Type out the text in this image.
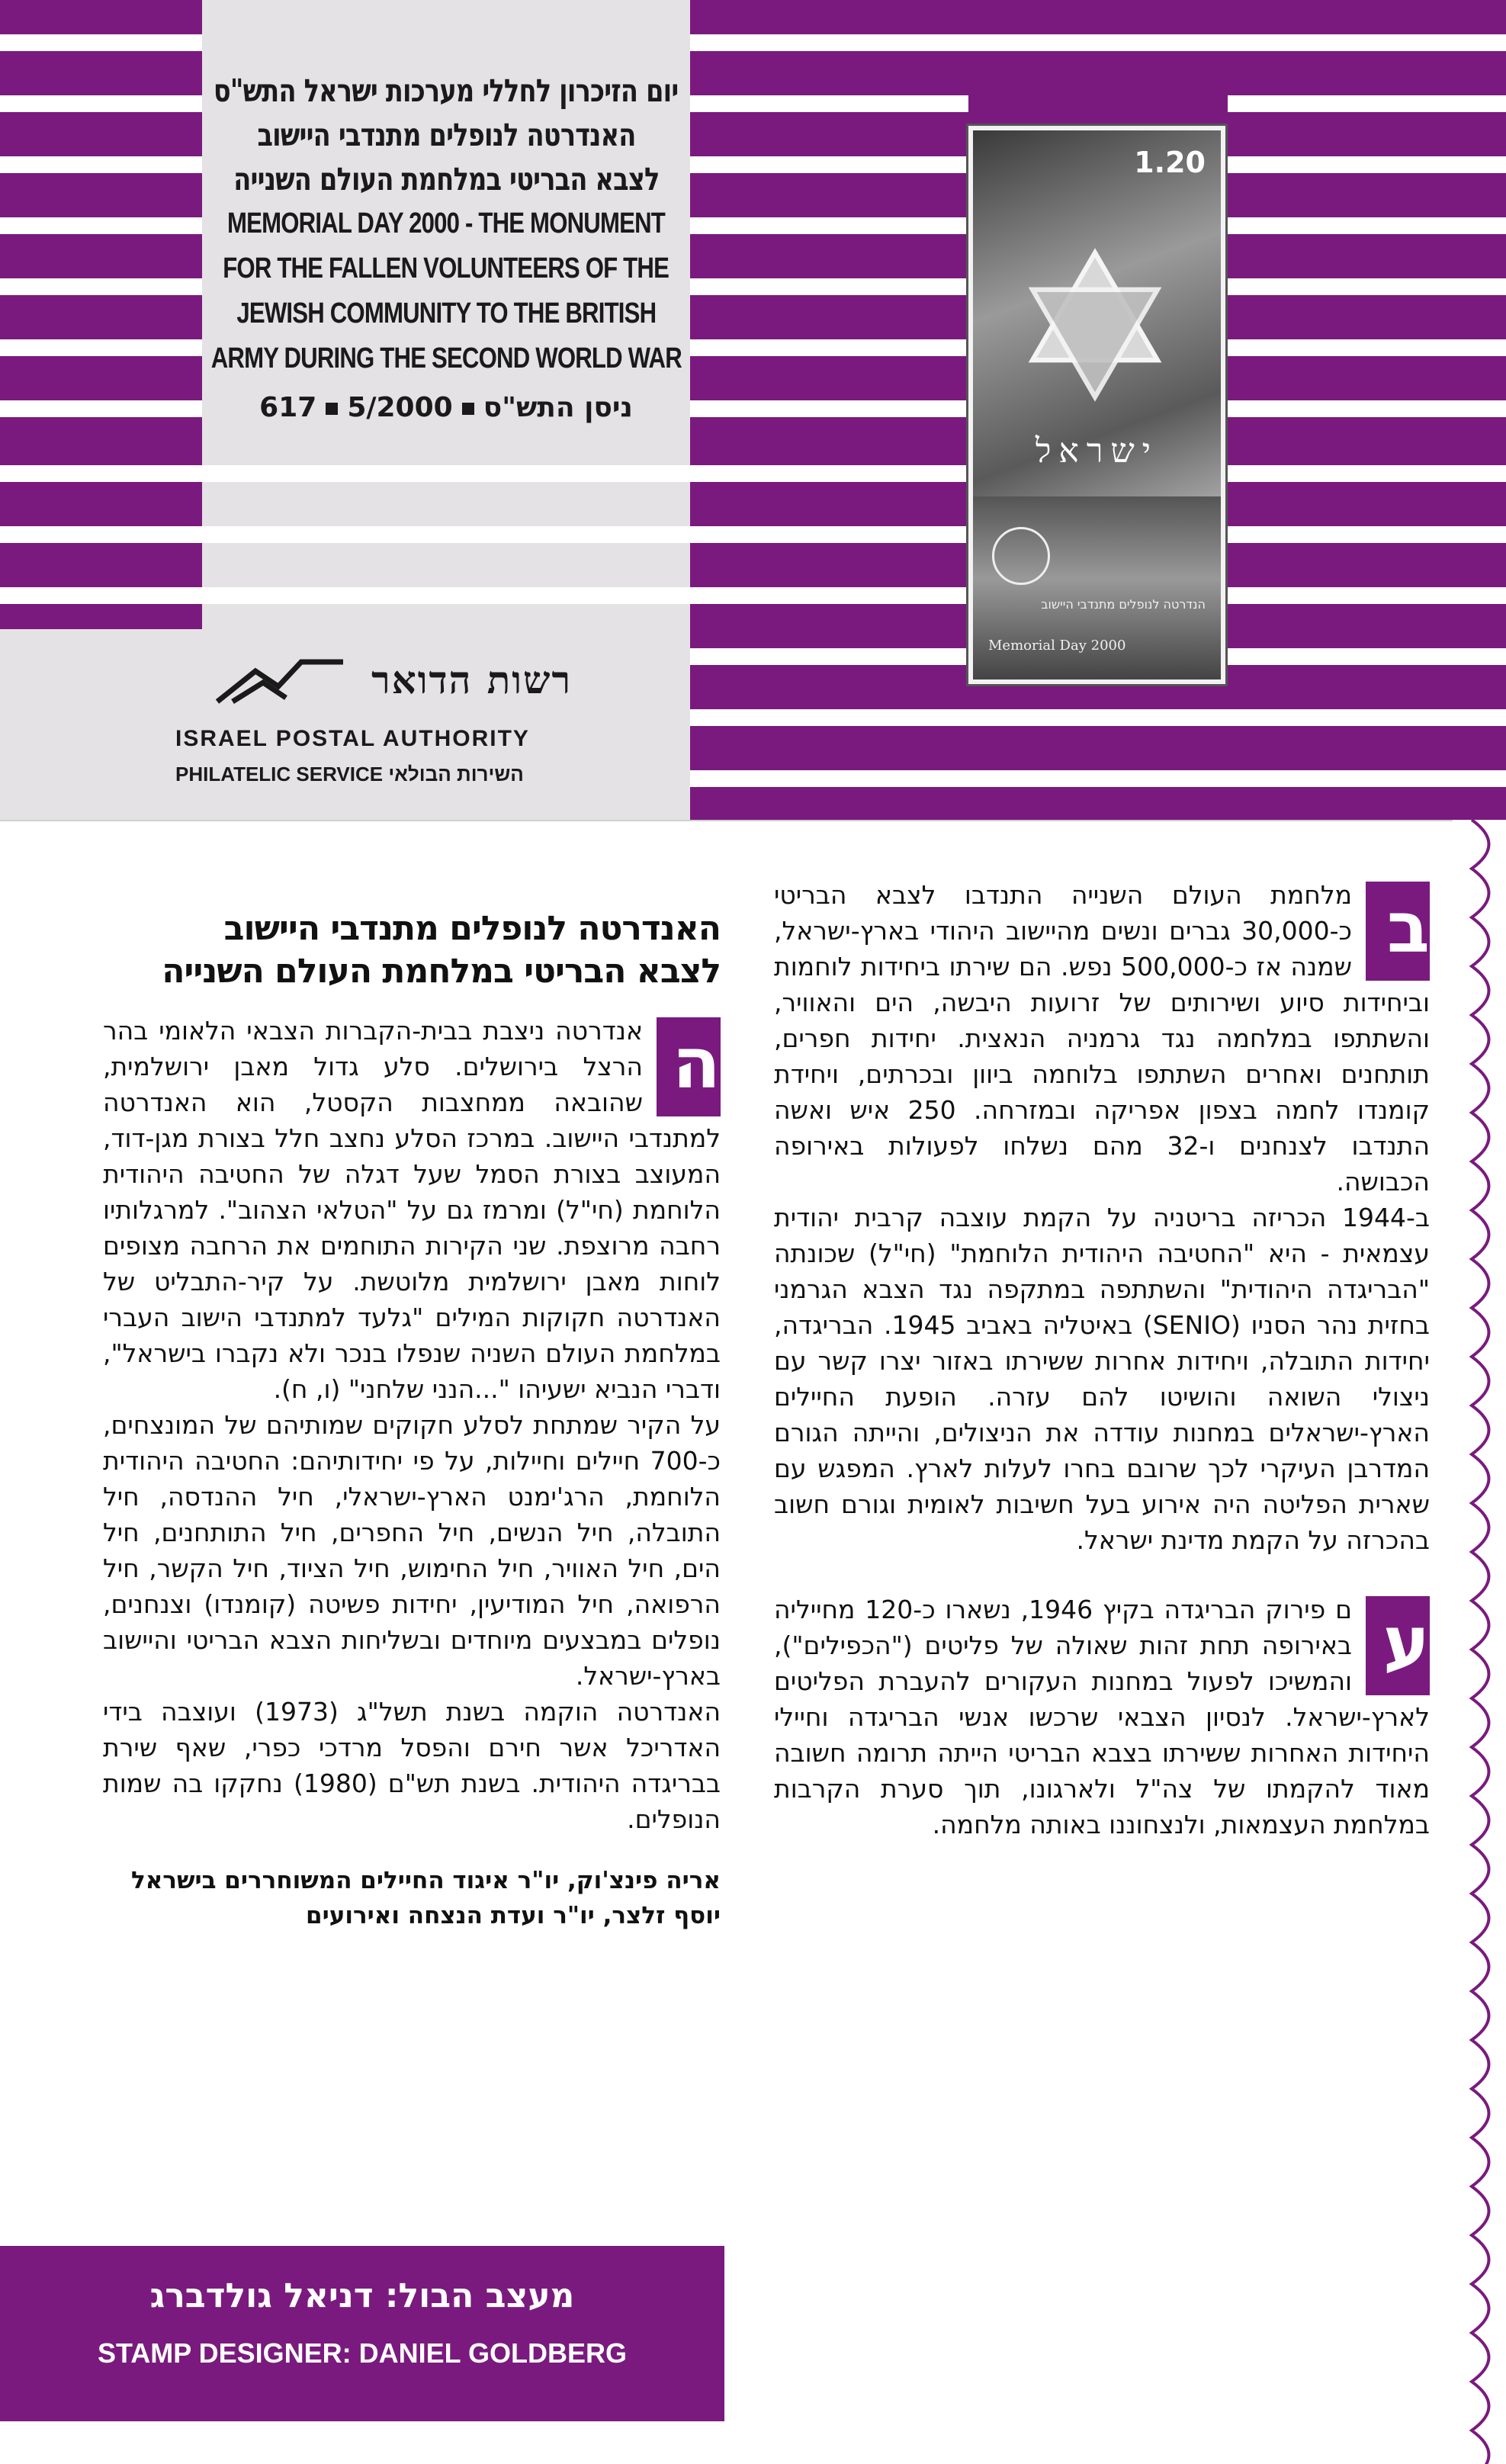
יום הזיכרון לחללי מערכות ישראל התש"ס
האנדרטה לנופלים מתנדבי היישוב
לצבא הבריטי במלחמת העולם השנייה
MEMORIAL DAY 2000 - THE MONUMENT
FOR THE FALLEN VOLUNTEERS OF THE
JEWISH COMMUNITY TO THE BRITISH
ARMY DURING THE SECOND WORLD WAR
ניסן התש"ס5/2000617
1.20
ישראל
הנדרטה לנופלים מתנדבי היישוב
Memorial Day 2000
רשות הדואר
ISRAEL POSTAL AUTHORITY
PHILATELIC SERVICE השירות הבולאי
האנדרטה לנופלים מתנדבי היישוב
לצבא הבריטי במלחמת העולם השנייה
ה
אנדרטה ניצבת בבית-הקברות הצבאי הלאומי בהר הרצל בירושלים. סלע גדול מאבן ירושלמית, שהובאה ממחצבות הקסטל, הוא האנדרטה למתנדבי היישוב. במרכז הסלע נחצב חלל בצורת מגן-דוד, המעוצב בצורת הסמל שעל דגלה של החטיבה היהודית הלוחמת (חי"ל) ומרמז גם על "הטלאי הצהוב". למרגלותיו רחבה מרוצפת. שני הקירות התוחמים את הרחבה מצופים לוחות מאבן ירושלמית מלוטשת. על קיר-התבליט של האנדרטה חקוקות המילים "גלעד למתנדבי הישוב העברי במלחמת העולם השניה שנפלו בנכר ולא נקברו בישראל", ודברי הנביא ישעיהו "...הנני שלחני" (ו, ח).
על הקיר שמתחת לסלע חקוקים שמותיהם של המונצחים, כ-700 חיילים וחיילות, על פי יחידותיהם: החטיבה היהודית הלוחמת, הרג'ימנט הארץ-ישראלי, חיל ההנדסה, חיל התובלה, חיל הנשים, חיל החפרים, חיל התותחנים, חיל הים, חיל האוויר, חיל החימוש, חיל הציוד, חיל הקשר, חיל הרפואה, חיל המודיעין, יחידות פשיטה (קומנדו) וצנחנים, נופלים במבצעים מיוחדים ובשליחות הצבא הבריטי והיישוב בארץ-ישראל.
האנדרטה הוקמה בשנת תשל"ג (1973) ועוצבה בידי האדריכל אשר חירם והפסל מרדכי כפרי, שאף שירת בבריגדה היהודית. בשנת תש"ם (1980) נחקקו בה שמות הנופלים.
אריה פינצ'וק, יו"ר איגוד החיילים המשוחררים בישראל
יוסף זלצר, יו"ר ועדת הנצחה ואירועים
ב
מלחמת העולם השנייה התנדבו לצבא הבריטי כ-30,000 גברים ונשים מהיישוב היהודי בארץ-ישראל, שמנה אז כ-500,000 נפש. הם שירתו ביחידות לוחמות וביחידות סיוע ושירותים של זרועות היבשה, הים והאוויר, והשתתפו במלחמה נגד גרמניה הנאצית. יחידות חפרים, תותחנים ואחרים השתתפו בלוחמה ביוון ובכרתים, ויחידת קומנדו לחמה בצפון אפריקה ובמזרחה. 250 איש ואשה התנדבו לצנחנים ו-32 מהם נשלחו לפעולות באירופה הכבושה.
ב-1944 הכריזה בריטניה על הקמת עוצבה קרבית יהודית עצמאית - היא "החטיבה היהודית הלוחמת" (חי"ל) שכונתה "הבריגדה היהודית" והשתתפה במתקפה נגד הצבא הגרמני בחזית נהר הסניו (SENIO) באיטליה באביב 1945. הבריגדה, יחידות התובלה, ויחידות אחרות ששירתו באזור יצרו קשר עם ניצולי השואה והושיטו להם עזרה. הופעת החיילים הארץ-ישראלים במחנות עודדה את הניצולים, והייתה הגורם המדרבן העיקרי לכך שרובם בחרו לעלות לארץ. המפגש עם שארית הפליטה היה אירוע בעל חשיבות לאומית וגורם חשוב בהכרזה על הקמת מדינת ישראל.
ע
ם פירוק הבריגדה בקיץ 1946, נשארו כ-120 מחייליה באירופה תחת זהות שאולה של פליטים ("הכפילים"), והמשיכו לפעול במחנות העקורים להעברת הפליטים לארץ-ישראל. לנסיון הצבאי שרכשו אנשי הבריגדה וחיילי היחידות האחרות ששירתו בצבא הבריטי הייתה תרומה חשובה מאוד להקמתו של צה"ל ולארגונו, תוך סערת הקרבות במלחמת העצמאות, ולנצחוננו באותה מלחמה.
מעצב הבול: דניאל גולדברג
STAMP DESIGNER: DANIEL GOLDBERG
